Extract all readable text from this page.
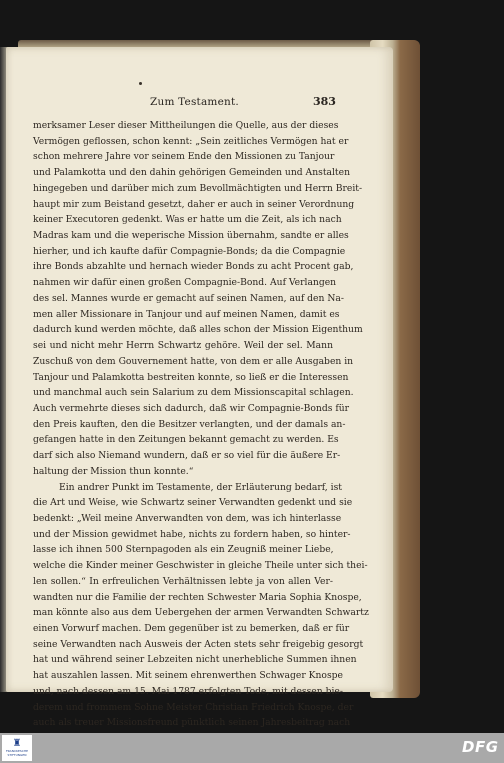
Zum Testament.	383
merksamer Leser dieser Mittheilungen die Quelle, aus der dieses
Vermögen geflossen, schon kennt: „Sein zeitliches Vermögen hat er
schon mehrere Jahre vor seinem Ende den Missionen zu Tanjour
und Palamkotta und den dahin gehörigen Gemeinden und Anstalten
hingegeben und darüber mich zum Bevollmächtigten und Herrn Breit-
haupt mir zum Beistand gesetzt, daher er auch in seiner Verordnung
keiner Executoren gedenkt. Was er hatte um die Zeit, als ich nach
Madras kam und die weperische Mission übernahm, sandte er alles
hierher, und ich kaufte dafür Compagnie-Bonds; da die Compagnie
ihre Bonds abzahlte und hernach wieder Bonds zu acht Procent gab,
nahmen wir dafür einen großen Compagnie-Bond. Auf Verlangen
des sel. Mannes wurde er gemacht auf seinen Namen, auf den Na-
men aller Missionare in Tanjour und auf meinen Namen, damit es
dadurch kund werden möchte, daß alles schon der Mission Eigenthum
sei und nicht mehr Herrn Schwartz gehöre. Weil der sel. Mann
Zuschuß von dem Gouvernement hatte, von dem er alle Ausgaben in
Tanjour und Palamkotta bestreiten konnte, so ließ er die Interessen
und manchmal auch sein Salarium zu dem Missionscapital schlagen.
Auch vermehrte dieses sich dadurch, daß wir Compagnie-Bonds für
den Preis kauften, den die Besitzer verlangten, und der damals an-
gefangen hatte in den Zeitungen bekannt gemacht zu werden. Es
darf sich also Niemand wundern, daß er so viel für die äußere Er-
haltung der Mission thun konnte.“
Ein andrer Punkt im Testamente, der Erläuterung bedarf, ist
die Art und Weise, wie Schwartz seiner Verwandten gedenkt und sie
bedenkt: „Weil meine Anverwandten von dem, was ich hinterlasse
und der Mission gewidmet habe, nichts zu fordern haben, so hinter-
lasse ich ihnen 500 Sternpagoden als ein Zeugniß meiner Liebe,
welche die Kinder meiner Geschwister in gleiche Theile unter sich thei-
len sollen.“ In erfreulichen Verhältnissen lebte ja von allen Ver-
wandten nur die Familie der rechten Schwester Maria Sophia Knospe,
man könnte also aus dem Uebergehen der armen Verwandten Schwartz
einen Vorwurf machen. Dem gegenüber ist zu bemerken, daß er für
seine Verwandten nach Ausweis der Acten stets sehr freigebig gesorgt
hat und während seiner Lebzeiten nicht unerhebliche Summen ihnen
hat auszahlen lassen. Mit seinem ehrenwerthen Schwager Knospe
und, nach dessen am 15. Mai 1787 erfolgten Tode, mit dessen bie-
derem und frommem Sohne Meister Christian Friedrich Knospe, der
auch als treuer Missionsfreund pünktlich seinen Jahresbeitrag nach
♜
FRANCKESCHE STIFTUNGEN	DFG
